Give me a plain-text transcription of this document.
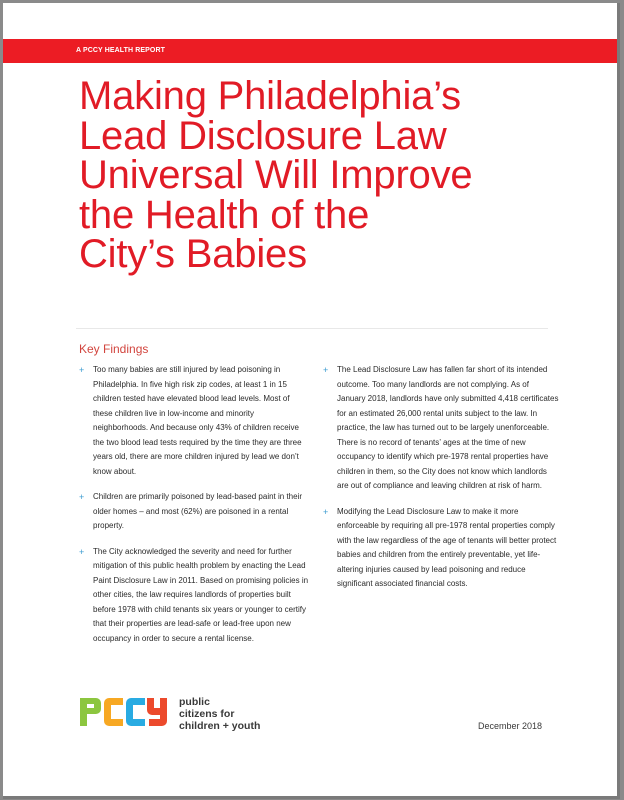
A PCCY HEALTH REPORT
Making Philadelphia’s
Lead Disclosure Law
Universal Will Improve
the Health of the
City’s Babies
Key Findings
+ Too many babies are still injured by lead poisoning in Philadelphia. In five high risk zip codes, at least 1 in 15 children tested have elevated blood lead levels. Most of these children live in low-income and minority neighborhoods. And because only 43% of children receive the two blood lead tests required by the time they are three years old, there are more children injured by lead we don’t know about.
+ Children are primarily poisoned by lead-based paint in their older homes – and most (62%) are poisoned in a rental property.
+ The City acknowledged the severity and need for further mitigation of this public health problem by enacting the Lead Paint Disclosure Law in 2011. Based on promising policies in other cities, the law requires landlords of properties built before 1978 with child tenants six years or younger to certify that their properties are lead-safe or lead-free upon new occupancy in order to secure a rental license.
+ The Lead Disclosure Law has fallen far short of its intended outcome. Too many landlords are not complying. As of January 2018, landlords have only submitted 4,418 certificates for an estimated 26,000 rental units subject to the law. In practice, the law has turned out to be largely unenforceable. There is no record of tenants’ ages at the time of new occupancy to identify which pre-1978 rental properties have children in them, so the City does not know which landlords are out of compliance and leaving children at risk of harm.
+ Modifying the Lead Disclosure Law to make it more enforceable by requiring all pre-1978 rental properties comply with the law regardless of the age of tenants will better protect babies and children from the entirely preventable, yet life-altering injuries caused by lead poisoning and reduce significant associated financial costs.
public
citizens for
children + youth	December 2018
